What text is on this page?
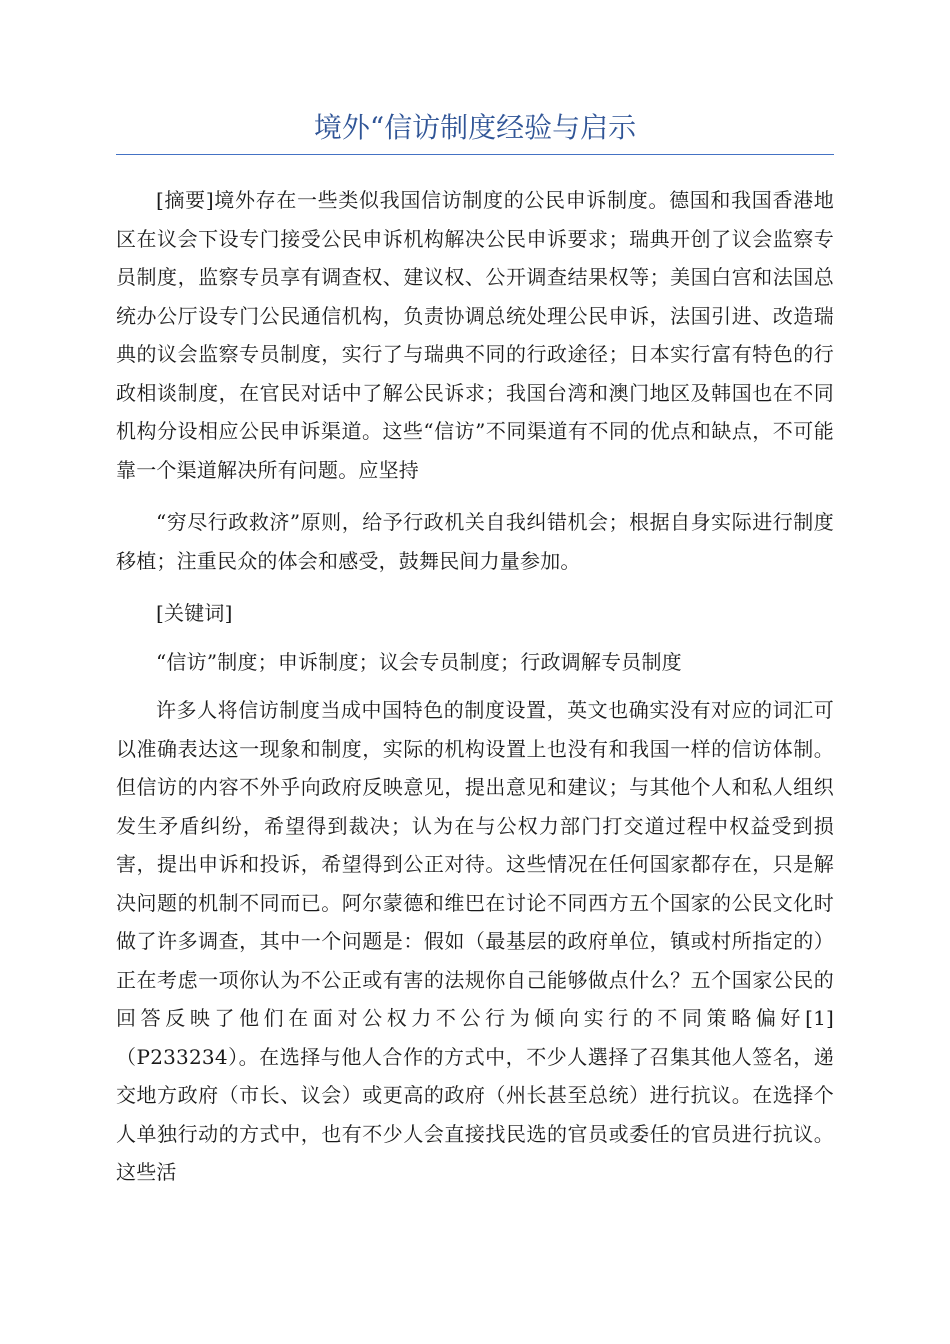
境外“信访制度经验与启示

[摘要]境外存在一些类似我国信访制度的公民申诉制度。德国和我国香港地区在议会下设专门接受公民申诉机构解决公民申诉要求；瑞典开创了议会监察专员制度，监察专员享有调查权、建议权、公开调查结果权等；美国白宫和法国总统办公厅设专门公民通信机构，负责协调总统处理公民申诉，法国引进、改造瑞典的议会监察专员制度，实行了与瑞典不同的行政途径；日本实行富有特色的行政相谈制度，在官民对话中了解公民诉求；我国台湾和澳门地区及韩国也在不同机构分设相应公民申诉渠道。这些“信访”不同渠道有不同的优点和缺点，不可能靠一个渠道解决所有问题。应坚持

“穷尽行政救济”原则，给予行政机关自我纠错机会；根据自身实际进行制度移植；注重民众的体会和感受，鼓舞民间力量参加。

[关键词]

“信访”制度；申诉制度；议会专员制度；行政调解专员制度

许多人将信访制度当成中国特色的制度设置，英文也确实没有对应的词汇可以准确表达这一现象和制度，实际的机构设置上也没有和我国一样的信访体制。但信访的内容不外乎向政府反映意见，提出意见和建议；与其他个人和私人组织发生矛盾纠纷，希望得到裁决；认为在与公权力部门打交道过程中权益受到损害，提出申诉和投诉，希望得到公正对待。这些情况在任何国家都存在，只是解决问题的机制不同而已。阿尔蒙德和维巴在讨论不同西方五个国家的公民文化时做了许多调查，其中一个问题是：假如（最基层的政府单位，镇或村所指定的）正在考虑一项你认为不公正或有害的法规你自己能够做点什么？五个国家公民的回答反映了他们在面对公权力不公行为倾向实行的不同策略偏好[1]（P233234）。在选择与他人合作的方式中，不少人選择了召集其他人签名，递交地方政府（市长、议会）或更高的政府（州长甚至总统）进行抗议。在选择个人单独行动的方式中，也有不少人会直接找民选的官员或委任的官员进行抗议。这些活
